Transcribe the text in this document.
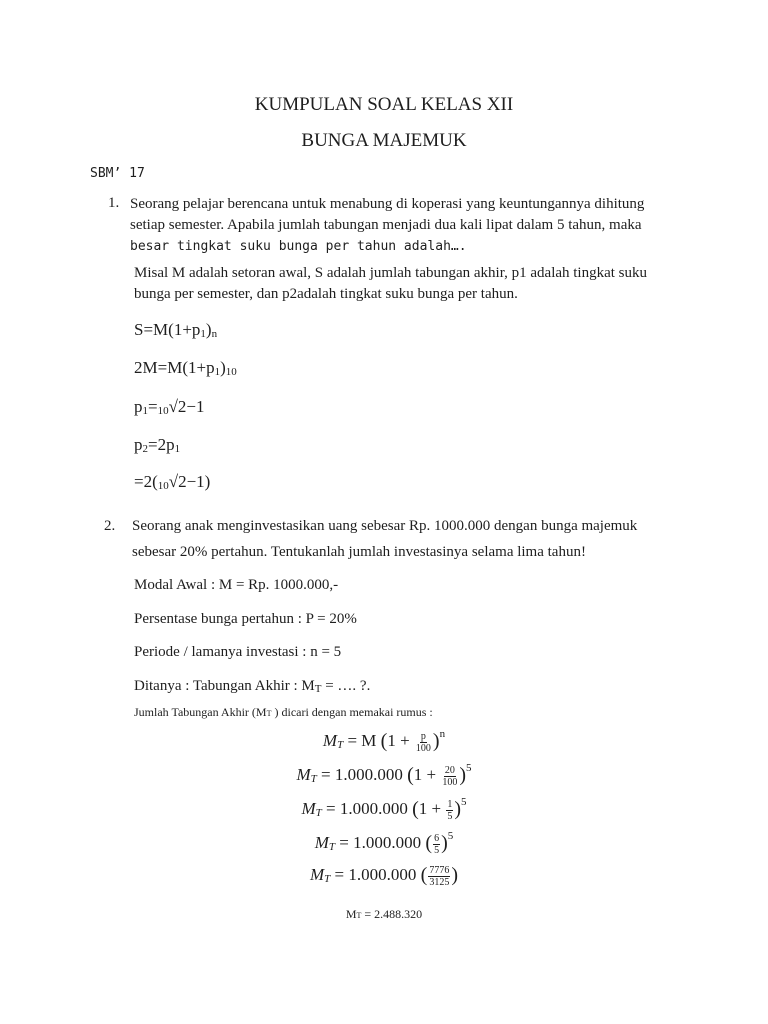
KUMPULAN SOAL KELAS XII
BUNGA MAJEMUK
SBM’ 17
1. Seorang pelajar berencana untuk menabung di koperasi yang keuntungannya dihitung
setiap semester. Apabila jumlah tabungan menjadi dua kali lipat dalam 5 tahun, maka
besar tingkat suku bunga per tahun adalah….
Misal M adalah setoran awal, S adalah jumlah tabungan akhir, p1 adalah tingkat suku
bunga per semester, dan p2adalah tingkat suku bunga per tahun.
S=M(1+p1)n
2M=M(1+p1)10
p1=10√2−1
p2=2p1
=2(10√2−1)
2. Seorang anak menginvestasikan uang sebesar Rp. 1000.000 dengan bunga majemuk
sebesar 20% pertahun. Tentukanlah jumlah investasinya selama lima tahun!
Modal Awal : M = Rp. 1000.000,-
Persentase bunga pertahun : P = 20%
Periode / lamanya investasi : n = 5
Ditanya : Tabungan Akhir : MT = …. ?.
Jumlah Tabungan Akhir (MT ) dicari dengan memakai rumus :
MT = M $(1 + \frac{p}{100} )^n$
MT = 1.000.000 $(1 + \frac{20}{100} )^5$
MT = 1.000.000 $(1 + \frac{1}{5} )^5$
MT = 1.000.000 ( $\frac{6}{5} )^5$
MT = 1.000.000 ( $\frac{7776}{3125}$ )
MT = 2.488.320
